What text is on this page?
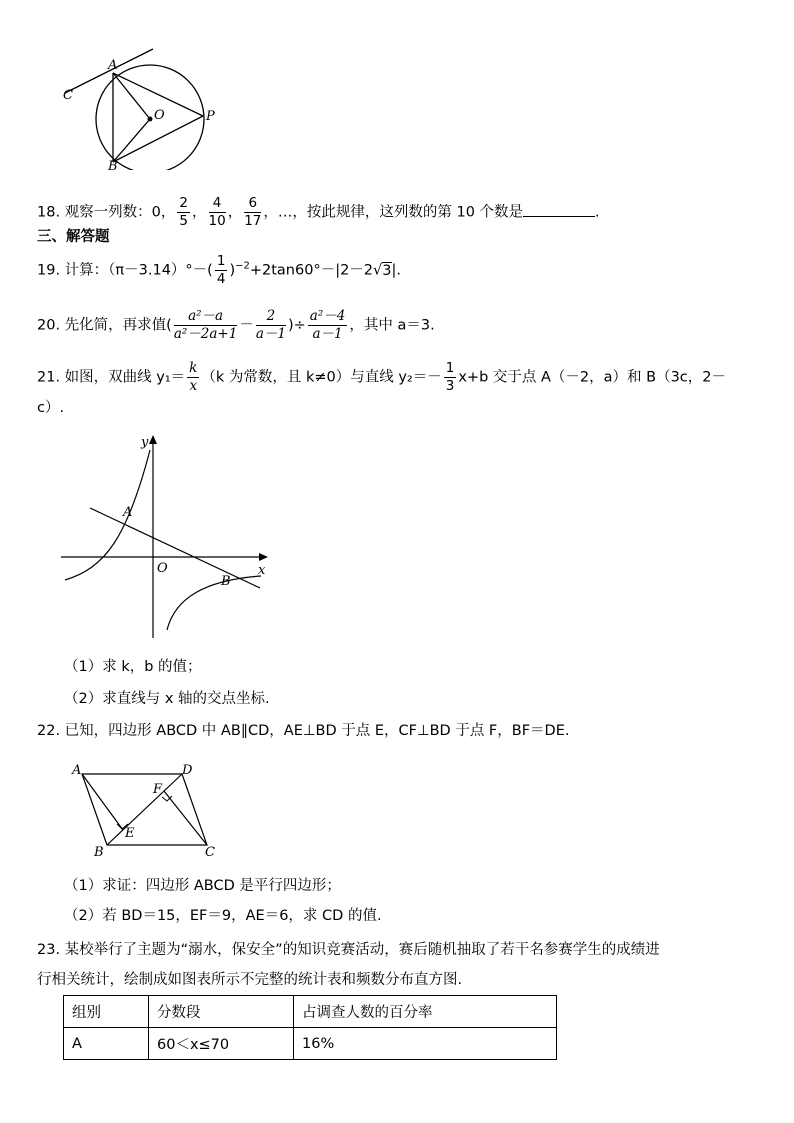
A
C
O	P
B
18. 观察一列数：0， $\frac{2}{5}$ ， $\frac{4}{10}$ ， $\frac{6}{17}$ ，…，按此规律，这列数的第 10 个数是	.
三、解答题
19. 计算：$(\pi-3.14)^\circ-( \frac{1}{4} )^{-2}+2\tan 60^\circ-|2-2√3|$.
20. 先化简，再求值( $\frac{\text{a²－a}}{\text{a²－2a+1}} - \frac{2}{a-1}$ )÷ $\frac{\text{a²－4}}{a-1}$ ，其中 a＝3.
21. 如图，双曲线 $y_1= \frac{k}{x} (k$ 为常数，且 k≠0）与直线 $y_2=- \frac{1}{3} x+b$ 交于点 A（－2，a）和 B（3c，2－
c）.
y
x
O
A
B
（1）求 k，b 的值；
（2）求直线与 x 轴的交点坐标.
22. 已知，四边形 ABCD 中 AB∥CD，AE⊥BD 于点 E，CF⊥BD 于点 F，BF＝DE.
A	D
F
E
B	C
（1）求证：四边形 ABCD 是平行四边形；
（2）若 BD＝15，EF＝9，AE＝6，求 CD 的值.
23. 某校举行了主题为“溺水，保安全”的知识竞赛活动，赛后随机抽取了若干名参赛学生的成绩进
行相关统计，绘制成如图表所示不完整的统计表和频数分布直方图.
组别	分数段	占调查人数的百分率
A	60＜x≤70	16%
